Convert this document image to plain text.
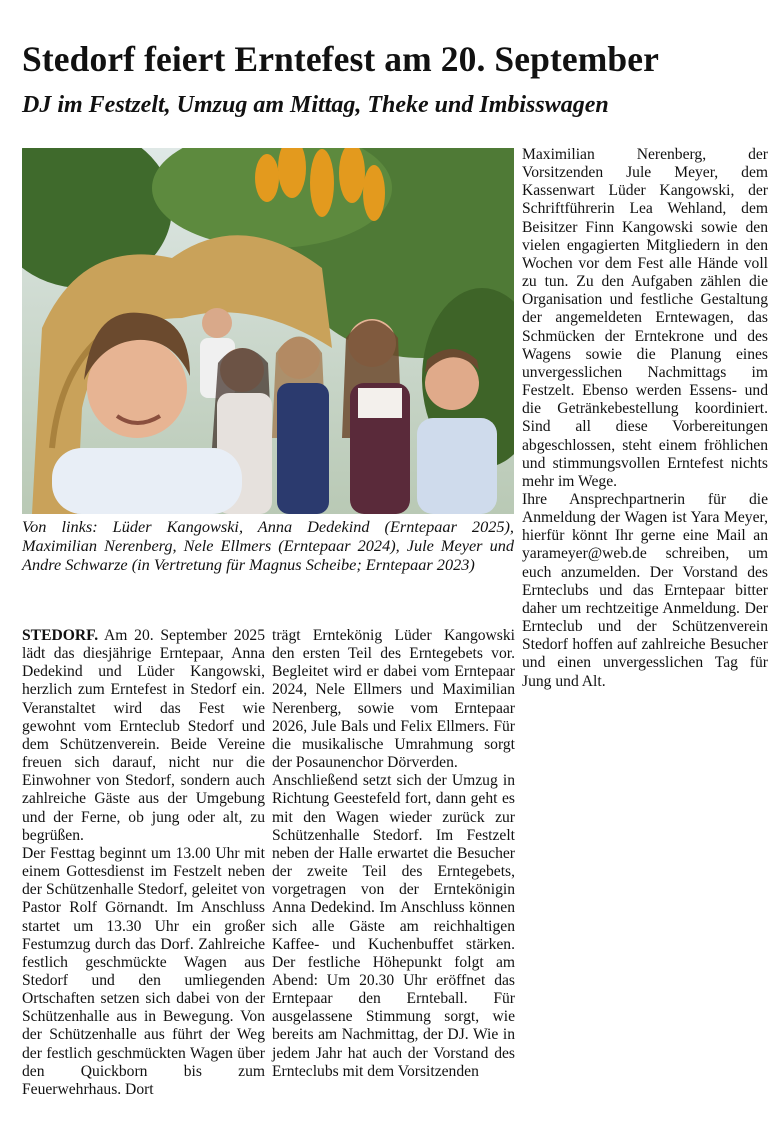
Stedorf feiert Erntefest am 20. September
DJ im Festzelt, Umzug am Mittag, Theke und Imbisswagen

Von links: Lüder Kangowski, Anna Dedekind (Erntepaar 2025), Maximilian Nerenberg, Nele Ellmers (Erntepaar 2024), Jule Meyer und Andre Schwarze (in Vertretung für Magnus Scheibe; Erntepaar 2023)

STEDORF. Am 20. September 2025 lädt das diesjährige Erntepaar, Anna Dedekind und Lüder Kangowski, herzlich zum Erntefest in Stedorf ein. Veranstaltet wird das Fest wie gewohnt vom Ernteclub Stedorf und dem Schützenverein. Beide Vereine freuen sich darauf, nicht nur die Einwohner von Stedorf, sondern auch zahlreiche Gäste aus der Umgebung und der Ferne, ob jung oder alt, zu begrüßen.

Der Festtag beginnt um 13.00 Uhr mit einem Gottesdienst im Festzelt neben der Schützenhalle Stedorf, geleitet von Pastor Rolf Görnandt. Im Anschluss startet um 13.30 Uhr ein großer Festumzug durch das Dorf. Zahlreiche festlich geschmückte Wagen aus Stedorf und den umliegenden Ortschaften setzen sich dabei von der Schützenhalle aus in Bewegung. Von der Schützenhalle aus führt der Weg der festlich geschmückten Wagen über den Quickborn bis zum Feuerwehrhaus. Dort

trägt Erntekönig Lüder Kangowski den ersten Teil des Erntegebets vor. Begleitet wird er dabei vom Erntepaar 2024, Nele Ellmers und Maximilian Nerenberg, sowie vom Erntepaar 2026, Jule Bals und Felix Ellmers. Für die musikalische Umrahmung sorgt der Posaunenchor Dörverden.

Anschließend setzt sich der Umzug in Richtung Geestefeld fort, dann geht es mit den Wagen wieder zurück zur Schützenhalle Stedorf. Im Festzelt neben der Halle erwartet die Besucher der zweite Teil des Erntegebets, vorgetragen von der Erntekönigin Anna Dedekind. Im Anschluss können sich alle Gäste am reichhaltigen Kaffee- und Kuchenbuffet stärken. Der festliche Höhepunkt folgt am Abend: Um 20.30 Uhr eröffnet das Erntepaar den Ernteball. Für ausgelassene Stimmung sorgt, wie bereits am Nachmittag, der DJ. Wie in jedem Jahr hat auch der Vorstand des Ernteclubs mit dem Vorsitzenden

Maximilian Nerenberg, der Vorsitzenden Jule Meyer, dem Kassenwart Lüder Kangowski, der Schriftführerin Lea Wehland, dem Beisitzer Finn Kangowski sowie den vielen engagierten Mitgliedern in den Wochen vor dem Fest alle Hände voll zu tun. Zu den Aufgaben zählen die Organisation und festliche Gestaltung der angemeldeten Erntewagen, das Schmücken der Erntekrone und des Wagens sowie die Planung eines unvergesslichen Nachmittags im Festzelt. Ebenso werden Essens- und die Getränkebestellung koordiniert. Sind all diese Vorbereitungen abgeschlossen, steht einem fröhlichen und stimmungsvollen Erntefest nichts mehr im Wege.

Ihre Ansprechpartnerin für die Anmeldung der Wagen ist Yara Meyer, hierfür könnt Ihr gerne eine Mail an yarameyer@web.de schreiben, um euch anzumelden. Der Vorstand des Ernteclubs und das Erntepaar bitter daher um rechtzeitige Anmeldung. Der Ernteclub und der Schützenverein Stedorf hoffen auf zahlreiche Besucher und einen unvergesslichen Tag für Jung und Alt.
